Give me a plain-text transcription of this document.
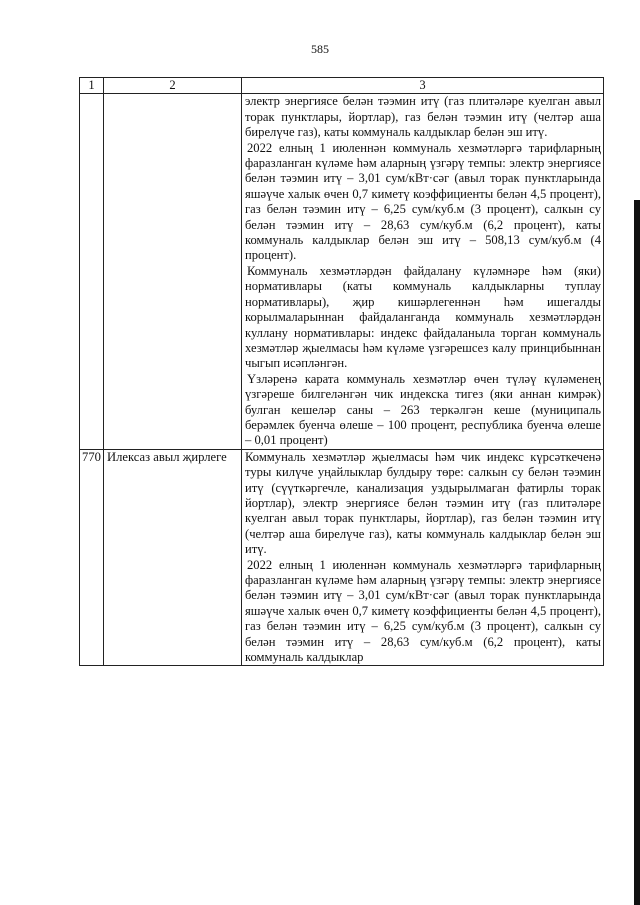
585
1	2	3

		электр энергиясе белән тәэмин итү (газ плитәләре куелган авыл торак пунктлары, йортлар), газ белән тәэмин итү (челтәр аша бирелүче газ), каты коммуналь калдыклар белән эш итү.

2022 елның 1 июленнән коммуналь хезмәтләргә тарифларның фаразланган күләме һәм аларның үзгәрү темпы: электр энергиясе белән тәэмин итү – 3,01 сум/кВт·сәг (авыл торак пунктларында яшәүче халык өчен 0,7 киметү коэффициенты белән 4,5 процент), газ белән тәэмин итү – 6,25 сум/куб.м (3 процент), салкын су белән тәэмин итү – 28,63 сум/куб.м (6,2 процент), каты коммуналь калдыклар белән эш итү – 508,13 сум/куб.м (4 процент).

Коммуналь хезмәтләрдән файдалану күләмнәре һәм (яки) нормативлары (каты коммуналь калдыкларны туплау нормативлары), җир кишәрлегеннән һәм ишегалды корылмаларыннан файдаланганда коммуналь хезмәтләрдән куллану нормативлары: индекс файдаланыла торган коммуналь хезмәтләр җыелмасы һәм күләме үзгәрешсез калу принцибыннан чыгып исәпләнгән.

Үзләренә карата коммуналь хезмәтләр өчен түләү күләменең үзгәреше билгеләнгән чик индекска тигез (яки аннан кимрәк) булган кешеләр саны – 263 теркәлгән кеше (муниципаль берәмлек буенча өлеше – 100 процент, республика буенча өлеше – 0,01 процент)

770	Илексаз авыл җирлеге	Коммуналь хезмәтләр җыелмасы һәм чик индекс күрсәткеченә туры килүче уңайлыклар булдыру төре: салкын су белән тәэмин итү (сүүткәргечле, канализация уздырылмаган фатирлы торак йортлар), электр энергиясе белән тәэмин итү (газ плитәләре куелган авыл торак пунктлары, йортлар), газ белән тәэмин итү (челтәр аша бирелүче газ), каты коммуналь калдыклар белән эш итү.

2022 елның 1 июленнән коммуналь хезмәтләргә тарифларның фаразланган күләме һәм аларның үзгәрү темпы: электр энергиясе белән тәэмин итү – 3,01 сум/кВт·сәг (авыл торак пунктларында яшәүче халык өчен 0,7 киметү коэффициенты белән 4,5 процент), газ белән тәэмин итү – 6,25 сум/куб.м (3 процент), салкын су белән тәэмин итү – 28,63 сум/куб.м (6,2 процент), каты коммуналь калдыклар
